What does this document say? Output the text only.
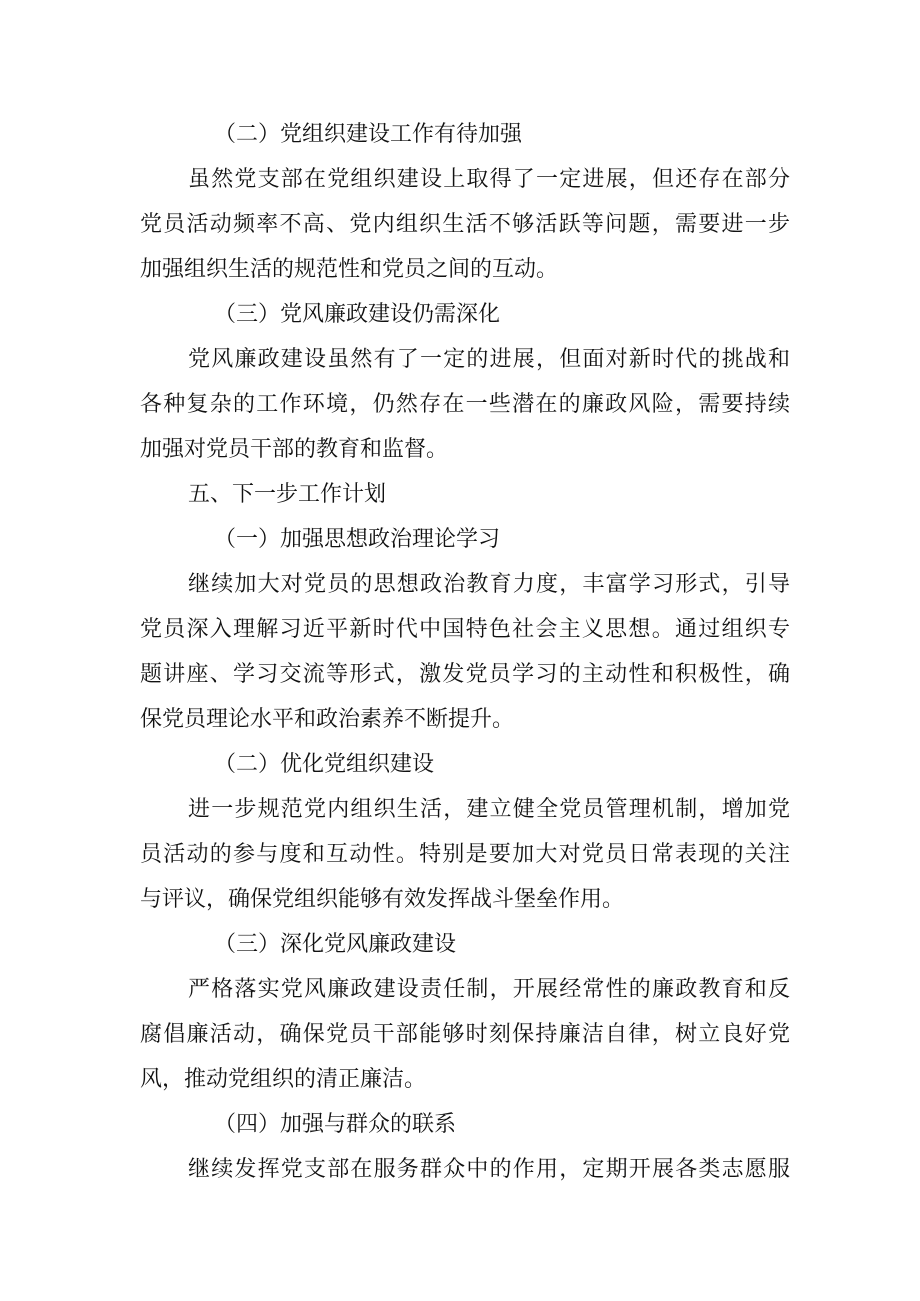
（二）党组织建设工作有待加强
虽然党支部在党组织建设上取得了一定进展，但还存在部分
党员活动频率不高、党内组织生活不够活跃等问题，需要进一步
加强组织生活的规范性和党员之间的互动。
（三）党风廉政建设仍需深化
党风廉政建设虽然有了一定的进展，但面对新时代的挑战和
各种复杂的工作环境，仍然存在一些潜在的廉政风险，需要持续
加强对党员干部的教育和监督。
五、下一步工作计划
（一）加强思想政治理论学习
继续加大对党员的思想政治教育力度，丰富学习形式，引导
党员深入理解习近平新时代中国特色社会主义思想。通过组织专
题讲座、学习交流等形式，激发党员学习的主动性和积极性，确
保党员理论水平和政治素养不断提升。
（二）优化党组织建设
进一步规范党内组织生活，建立健全党员管理机制，增加党
员活动的参与度和互动性。特别是要加大对党员日常表现的关注
与评议，确保党组织能够有效发挥战斗堡垒作用。
（三）深化党风廉政建设
严格落实党风廉政建设责任制，开展经常性的廉政教育和反
腐倡廉活动，确保党员干部能够时刻保持廉洁自律，树立良好党
风，推动党组织的清正廉洁。
（四）加强与群众的联系
继续发挥党支部在服务群众中的作用，定期开展各类志愿服
